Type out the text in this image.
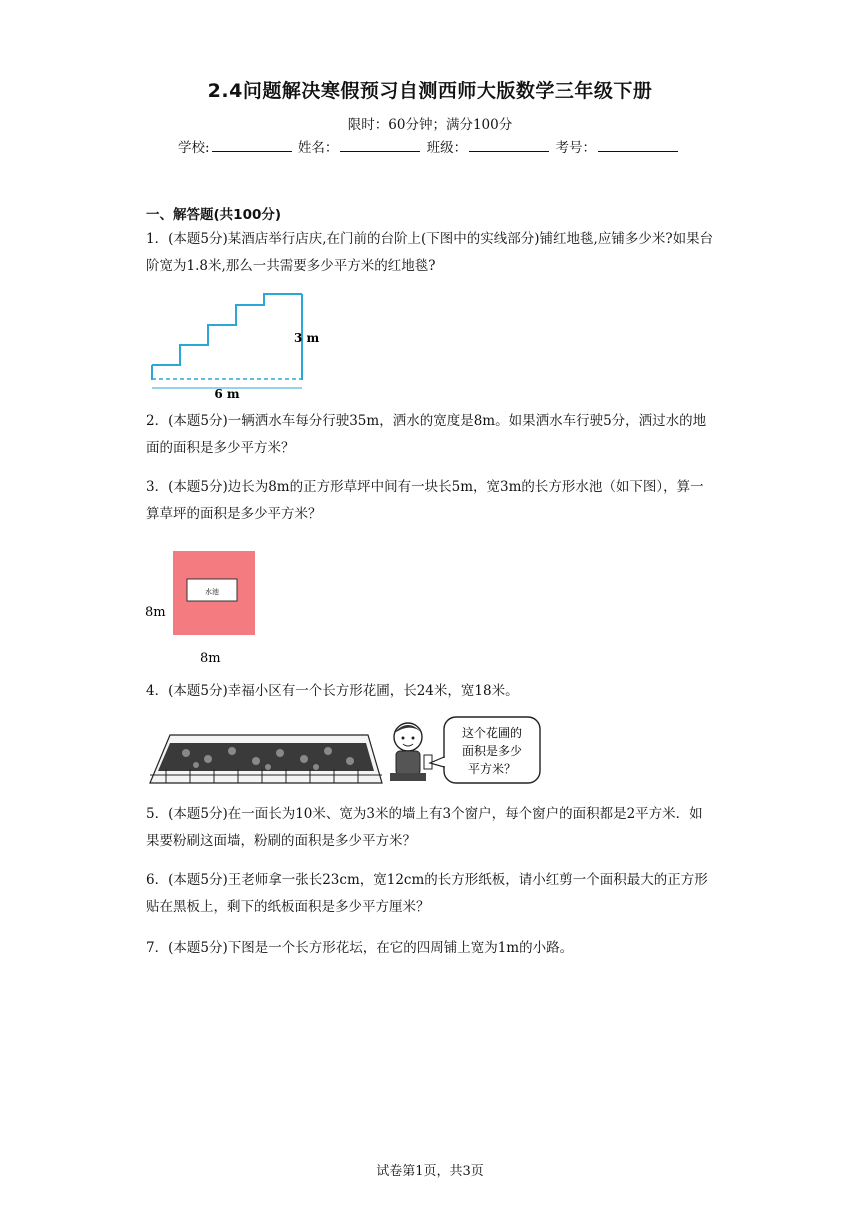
2.4问题解决寒假预习自测西师大版数学三年级下册
限时：60分钟；满分100分
学校:	姓名：	班级：	考号：
一、解答题(共100分)
1．(本题5分)某酒店举行店庆,在门前的台阶上(下图中的实线部分)铺红地毯,应铺多少米?如果台阶宽为1.8米,那么一共需要多少平方米的红地毯?
6 m
3 m
2．(本题5分)一辆洒水车每分行驶35m，洒水的宽度是8m。如果洒水车行驶5分，洒过水的地面的面积是多少平方米？
3．(本题5分)边长为8m的正方形草坪中间有一块长5m，宽3m的长方形水池（如下图），算一算草坪的面积是多少平方米？
水池
8m
8m
4．(本题5分)幸福小区有一个长方形花圃，长24米，宽18米。
这个花圃的
面积是多少
平方米？
5．(本题5分)在一面长为10米、宽为3米的墙上有3个窗户，每个窗户的面积都是2平方米．如果要粉刷这面墙，粉刷的面积是多少平方米？
6．(本题5分)王老师拿一张长23cm，宽12cm的长方形纸板，请小红剪一个面积最大的正方形贴在黑板上，剩下的纸板面积是多少平方厘米？
7．(本题5分)下图是一个长方形花坛，在它的四周铺上宽为1m的小路。
试卷第1页，共3页
